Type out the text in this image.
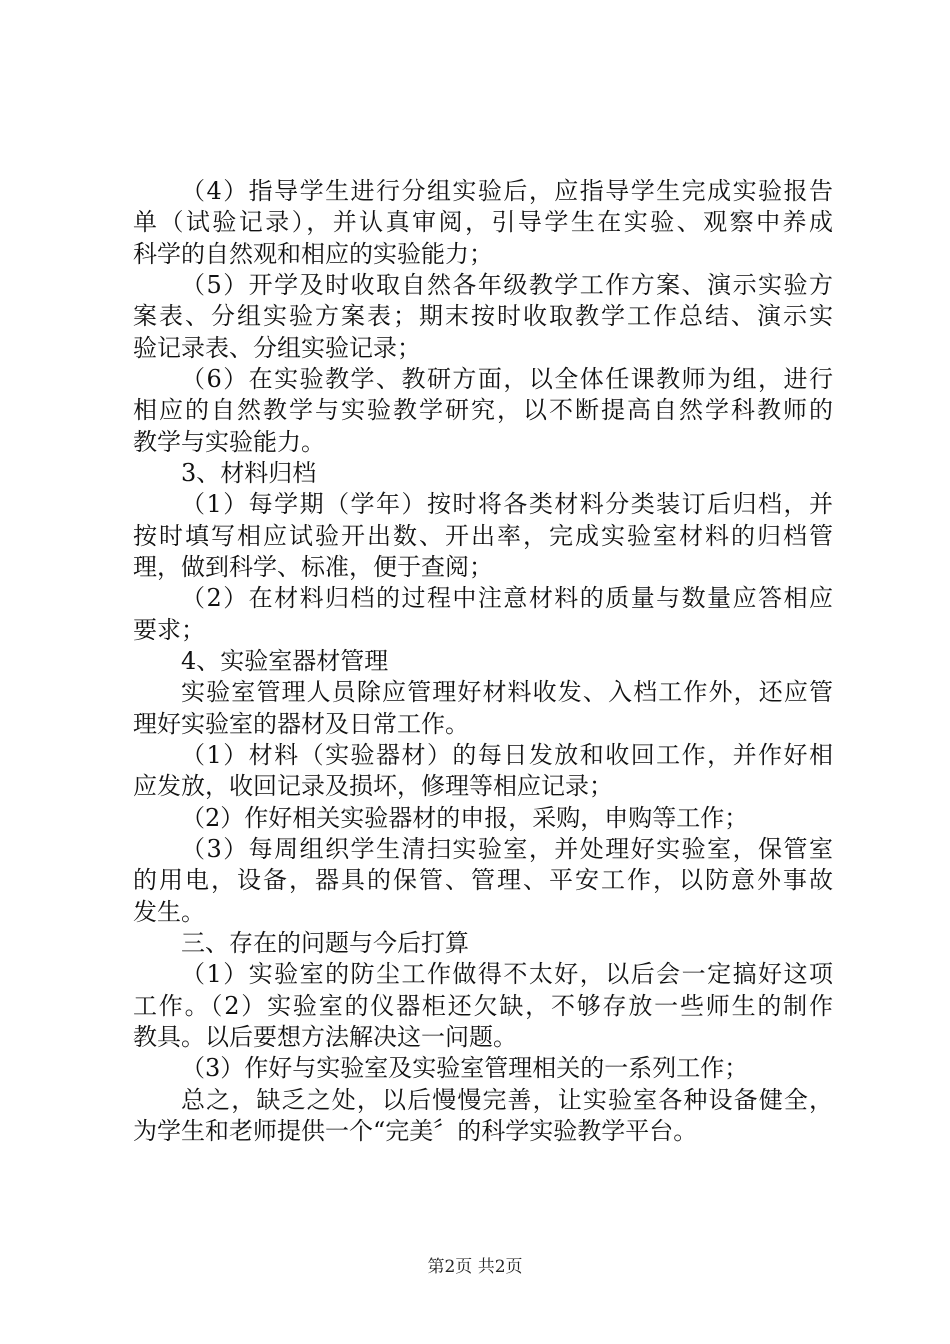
（4）指导学生进行分组实验后，应指导学生完成实验报告
单（试验记录），并认真审阅，引导学生在实验、观察中养成
科学的自然观和相应的实验能力；
（5）开学及时收取自然各年级教学工作方案、演示实验方
案表、分组实验方案表；期末按时收取教学工作总结、演示实
验记录表、分组实验记录；
（6）在实验教学、教研方面，以全体任课教师为组，进行
相应的自然教学与实验教学研究，以不断提高自然学科教师的
教学与实验能力。
3、材料归档
（1）每学期（学年）按时将各类材料分类装订后归档，并
按时填写相应试验开出数、开出率，完成实验室材料的归档管
理，做到科学、标准，便于查阅；
（2）在材料归档的过程中注意材料的质量与数量应答相应
要求；
4、实验室器材管理
实验室管理人员除应管理好材料收发、入档工作外，还应管
理好实验室的器材及日常工作。
（1）材料（实验器材）的每日发放和收回工作，并作好相
应发放，收回记录及损坏，修理等相应记录；
（2）作好相关实验器材的申报，采购，申购等工作；
（3）每周组织学生清扫实验室，并处理好实验室，保管室
的用电，设备，器具的保管、管理、平安工作，以防意外事故
发生。
三、存在的问题与今后打算
（1）实验室的防尘工作做得不太好，以后会一定搞好这项
工作。（2）实验室的仪器柜还欠缺，不够存放一些师生的制作
教具。以后要想方法解决这一问题。
（3）作好与实验室及实验室管理相关的一系列工作；
总之，缺乏之处，以后慢慢完善，让实验室各种设备健全，
为学生和老师提供一个“完美〞的科学实验教学平台。
第2页 共2页
